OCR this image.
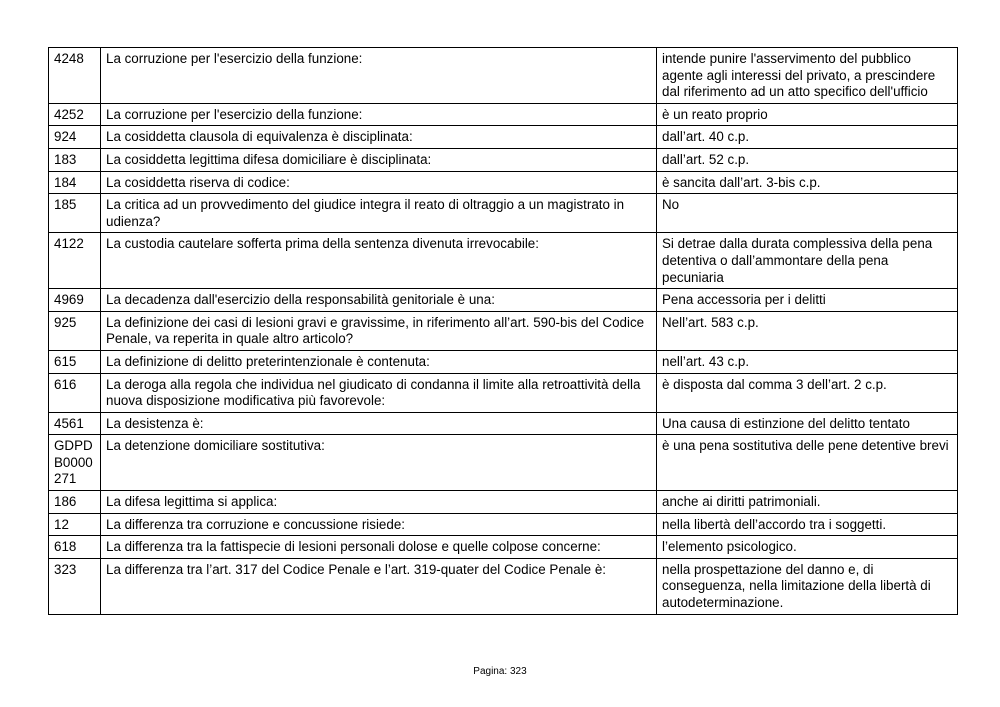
4248	La corruzione per l'esercizio della funzione:	intende punire l'asservimento del pubblico agente agli interessi del privato, a prescindere dal riferimento ad un atto specifico dell'ufficio
4252	La corruzione per l'esercizio della funzione:	è un reato proprio
924	La cosiddetta clausola di equivalenza è disciplinata:	dall’art. 40 c.p.
183	La cosiddetta legittima difesa domiciliare è disciplinata:	dall’art. 52 c.p.
184	La cosiddetta riserva di codice:	è sancita dall’art. 3-bis c.p.
185	La critica ad un provvedimento del giudice integra il reato di oltraggio a un magistrato in udienza?	No
4122	La custodia cautelare sofferta prima della sentenza divenuta irrevocabile:	Si detrae dalla durata complessiva della pena detentiva o dall’ammontare della pena pecuniaria
4969	La decadenza dall'esercizio della responsabilità genitoriale è una:	Pena accessoria per i delitti
925	La definizione dei casi di lesioni gravi e gravissime, in riferimento all’art. 590-bis del Codice Penale, va reperita in quale altro articolo?	Nell’art. 583 c.p.
615	La definizione di delitto preterintenzionale è contenuta:	nell’art. 43 c.p.
616	La deroga alla regola che individua nel giudicato di condanna il limite alla retroattività della nuova disposizione modificativa più favorevole:	è disposta dal comma 3 dell’art. 2 c.p.
4561	La desistenza è:	Una causa di estinzione del delitto tentato
GDPD B0000 271	La detenzione domiciliare sostitutiva:	è una pena sostitutiva delle pene detentive brevi
186	La difesa legittima si applica:	anche ai diritti patrimoniali.
12	La differenza tra corruzione e concussione risiede:	nella libertà dell’accordo tra i soggetti.
618	La differenza tra la fattispecie di lesioni personali dolose e quelle colpose concerne:	l’elemento psicologico.
323	La differenza tra l’art. 317 del Codice Penale e l’art. 319-quater del Codice Penale è:	nella prospettazione del danno e, di conseguenza, nella limitazione della libertà di autodeterminazione.
Pagina: 323
